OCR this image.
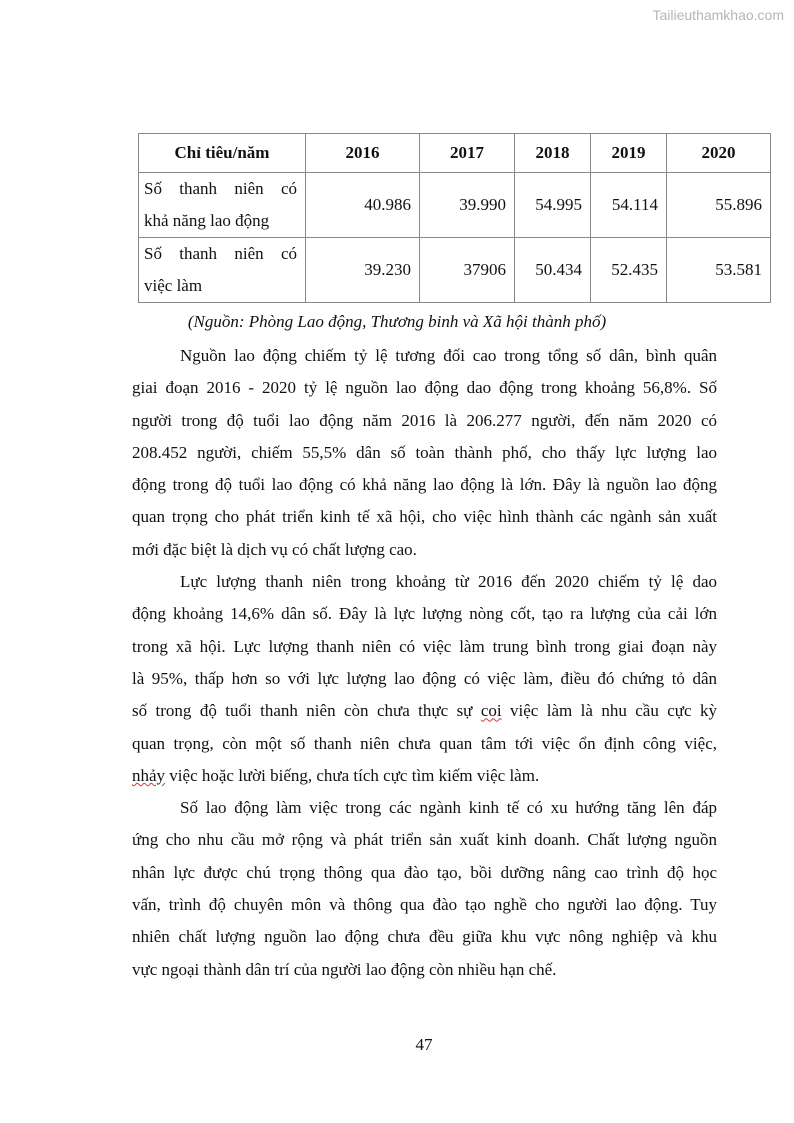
Tailieuthamkhao.com
Chỉ tiêu/năm	2016	2017	2018	2019	2020

Số thanh niên có
khả năng lao động	40.986	39.990	54.995	54.114	55.896

Số thanh niên có
việc làm	39.230	37906	50.434	52.435	53.581
(Nguồn: Phòng Lao động, Thương binh và Xã hội thành phố)
Nguồn lao động chiếm tỷ lệ tương đối cao trong tổng số dân, bình quân
giai đoạn 2016 - 2020 tỷ lệ nguồn lao động dao động trong khoảng 56,8%. Số
người trong độ tuổi lao động năm 2016 là 206.277 người, đến năm 2020 có
208.452 người, chiếm 55,5% dân số toàn thành phố, cho thấy lực lượng lao
động trong độ tuổi lao động có khả năng lao động là lớn. Đây là nguồn lao động
quan trọng cho phát triển kinh tế xã hội, cho việc hình thành các ngành sản xuất
mới đặc biệt là dịch vụ có chất lượng cao.
Lực lượng thanh niên trong khoảng từ 2016 đến 2020 chiếm tỷ lệ dao
động khoảng 14,6% dân số. Đây là lực lượng nòng cốt, tạo ra lượng của cải lớn
trong xã hội. Lực lượng thanh niên có việc làm trung bình trong giai đoạn này
là 95%, thấp hơn so với lực lượng lao động có việc làm, điều đó chứng tỏ dân
số trong độ tuổi thanh niên còn chưa thực sự coi việc làm là nhu cầu cực kỳ
quan trọng, còn một số thanh niên chưa quan tâm tới việc ổn định công việc,
nhảy việc hoặc lười biếng, chưa tích cực tìm kiếm việc làm.
Số lao động làm việc trong các ngành kinh tế có xu hướng tăng lên đáp
ứng cho nhu cầu mở rộng và phát triển sản xuất kinh doanh. Chất lượng nguồn
nhân lực được chú trọng thông qua đào tạo, bồi dưỡng nâng cao trình độ học
vấn, trình độ chuyên môn và thông qua đào tạo nghề cho người lao động. Tuy
nhiên chất lượng nguồn lao động chưa đều giữa khu vực nông nghiệp và khu
vực ngoại thành dân trí của người lao động còn nhiều hạn chế.
47
